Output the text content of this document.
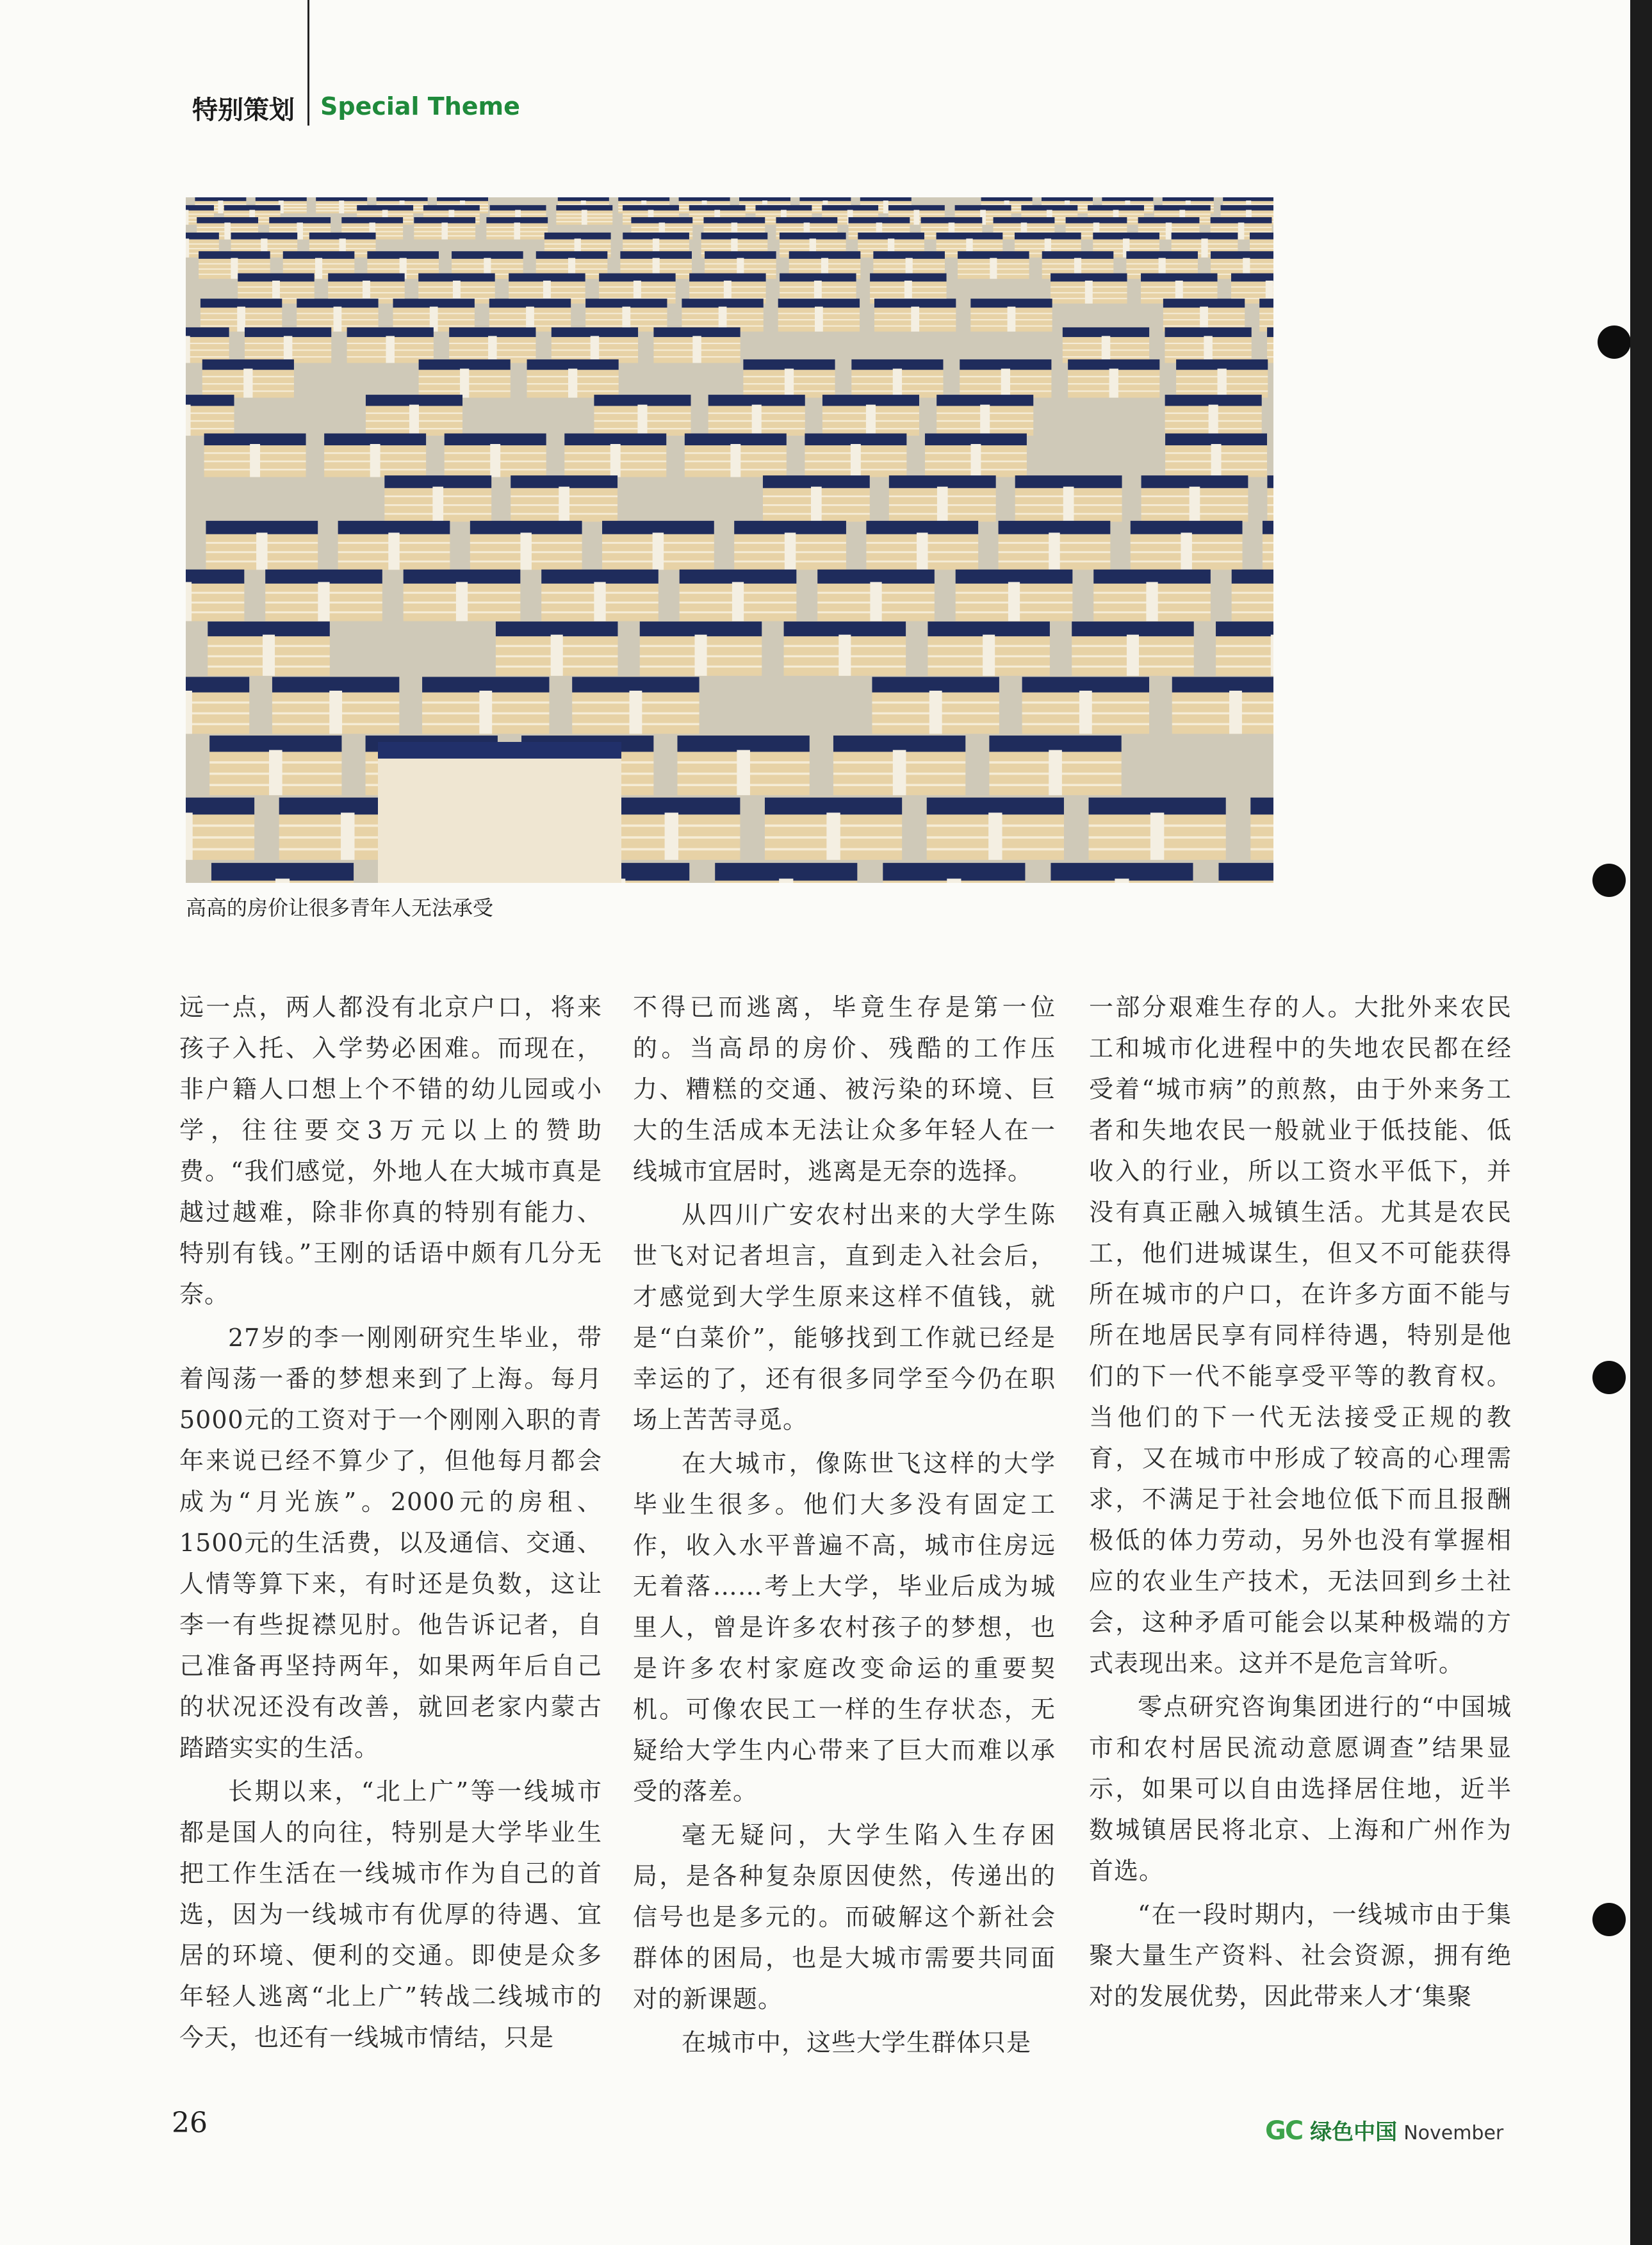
特别策划 Special Theme
高高的房价让很多青年人无法承受

远一点，两人都没有北京户口，将来孩子入托、入学势必困难。而现在，非户籍人口想上个不错的幼儿园或小学，往往要交3万元以上的赞助费。“我们感觉，外地人在大城市真是越过越难，除非你真的特别有能力、特别有钱。”王刚的话语中颇有几分无奈。

27岁的李一刚刚研究生毕业，带着闯荡一番的梦想来到了上海。每月5000元的工资对于一个刚刚入职的青年来说已经不算少了，但他每月都会成为“月光族”。2000元的房租、1500元的生活费，以及通信、交通、人情等算下来，有时还是负数，这让李一有些捉襟见肘。他告诉记者，自己准备再坚持两年，如果两年后自己的状况还没有改善，就回老家内蒙古踏踏实实的生活。

长期以来，“北上广”等一线城市都是国人的向往，特别是大学毕业生把工作生活在一线城市作为自己的首选，因为一线城市有优厚的待遇、宜居的环境、便利的交通。即使是众多年轻人逃离“北上广”转战二线城市的今天，也还有一线城市情结，只是

不得已而逃离，毕竟生存是第一位的。当高昂的房价、残酷的工作压力、糟糕的交通、被污染的环境、巨大的生活成本无法让众多年轻人在一线城市宜居时，逃离是无奈的选择。

从四川广安农村出来的大学生陈世飞对记者坦言，直到走入社会后，才感觉到大学生原来这样不值钱，就是“白菜价”，能够找到工作就已经是幸运的了，还有很多同学至今仍在职场上苦苦寻觅。

在大城市，像陈世飞这样的大学毕业生很多。他们大多没有固定工作，收入水平普遍不高，城市住房远无着落……考上大学，毕业后成为城里人，曾是许多农村孩子的梦想，也是许多农村家庭改变命运的重要契机。可像农民工一样的生存状态，无疑给大学生内心带来了巨大而难以承受的落差。

毫无疑问，大学生陷入生存困局，是各种复杂原因使然，传递出的信号也是多元的。而破解这个新社会群体的困局，也是大城市需要共同面对的新课题。

在城市中，这些大学生群体只是

一部分艰难生存的人。大批外来农民工和城市化进程中的失地农民都在经受着“城市病”的煎熬，由于外来务工者和失地农民一般就业于低技能、低收入的行业，所以工资水平低下，并没有真正融入城镇生活。尤其是农民工，他们进城谋生，但又不可能获得所在城市的户口，在许多方面不能与所在地居民享有同样待遇，特别是他们的下一代不能享受平等的教育权。当他们的下一代无法接受正规的教育，又在城市中形成了较高的心理需求，不满足于社会地位低下而且报酬极低的体力劳动，另外也没有掌握相应的农业生产技术，无法回到乡土社会，这种矛盾可能会以某种极端的方式表现出来。这并不是危言耸听。

零点研究咨询集团进行的“中国城市和农村居民流动意愿调查”结果显示，如果可以自由选择居住地，近半数城镇居民将北京、上海和广州作为首选。

“在一段时期内，一线城市由于集聚大量生产资料、社会资源，拥有绝对的发展优势，因此带来人才‘集聚

26	GC 绿色中国 November
